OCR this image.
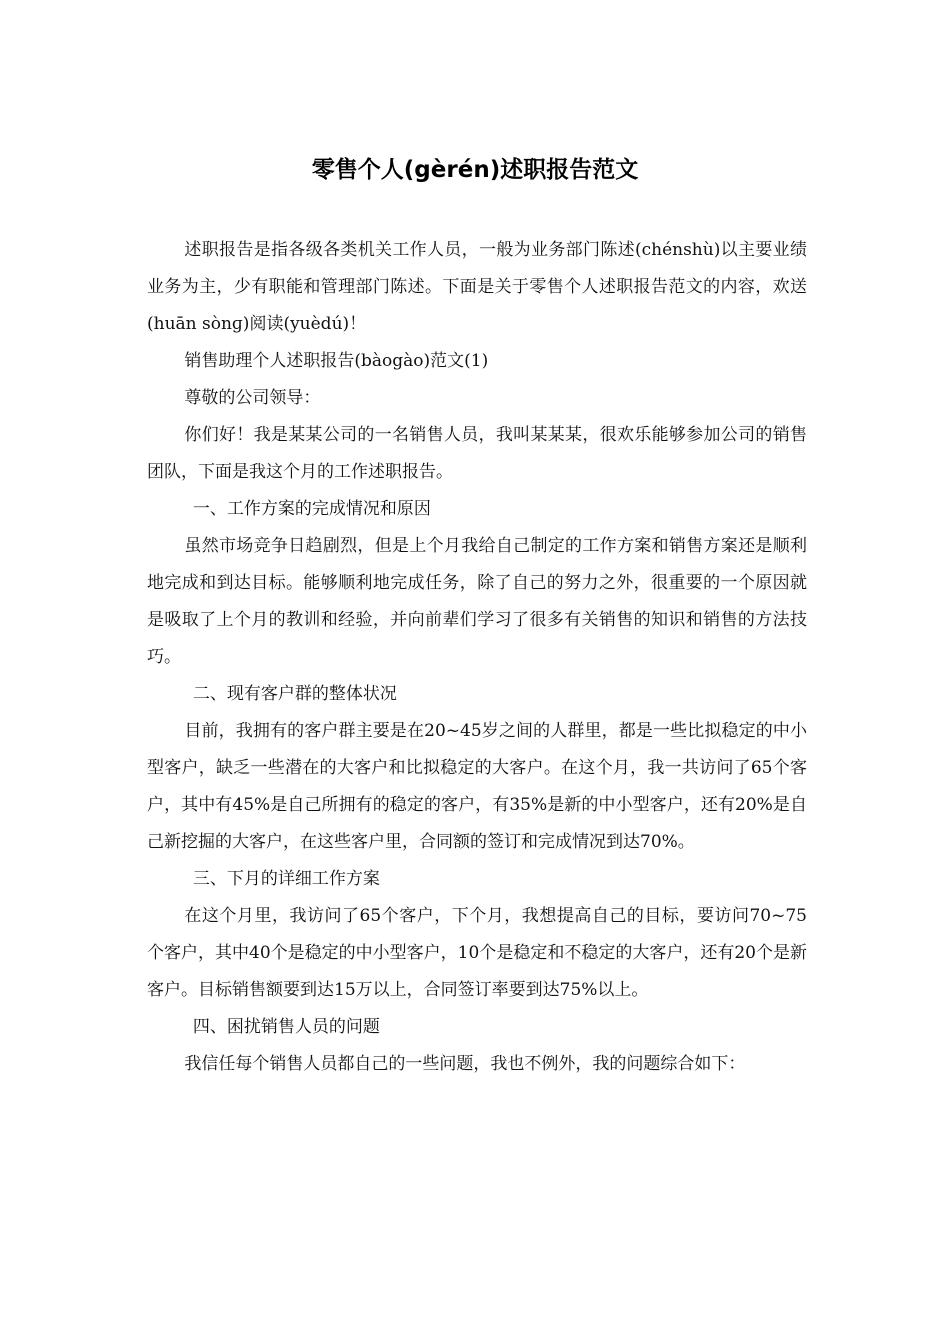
零售个人(gèrén)述职报告范文

述职报告是指各级各类机关工作人员，一般为业务部门陈述(chénshù)以主要业绩业务为主，少有职能和管理部门陈述。下面是关于零售个人述职报告范文的内容，欢送(huān sònɡ)阅读(yuèdú)！

销售助理个人述职报告(bàogào)范文(1)

尊敬的公司领导：

你们好！我是某某公司的一名销售人员，我叫某某某，很欢乐能够参加公司的销售团队，下面是我这个月的工作述职报告。

一、工作方案的完成情况和原因

虽然市场竞争日趋剧烈，但是上个月我给自己制定的工作方案和销售方案还是顺利地完成和到达目标。能够顺利地完成任务，除了自己的努力之外，很重要的一个原因就是吸取了上个月的教训和经验，并向前辈们学习了很多有关销售的知识和销售的方法技巧。

二、现有客户群的整体状况

目前，我拥有的客户群主要是在20~45岁之间的人群里，都是一些比拟稳定的中小型客户，缺乏一些潜在的大客户和比拟稳定的大客户。在这个月，我一共访问了65个客户，其中有45%是自己所拥有的稳定的客户，有35%是新的中小型客户，还有20%是自己新挖掘的大客户，在这些客户里，合同额的签订和完成情况到达70%。

三、下月的详细工作方案

在这个月里，我访问了65个客户，下个月，我想提高自己的目标，要访问70~75个客户，其中40个是稳定的中小型客户，10个是稳定和不稳定的大客户，还有20个是新客户。目标销售额要到达15万以上，合同签订率要到达75%以上。

四、困扰销售人员的问题

我信任每个销售人员都自己的一些问题，我也不例外，我的问题综合如下：
